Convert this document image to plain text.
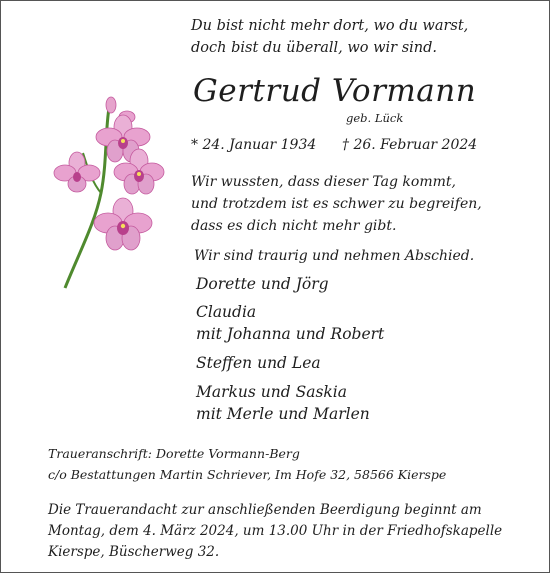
Du bist nicht mehr dort, wo du warst,
doch bist du überall, wo wir sind.
Gertrud Vormann
geb. Lück
* 24. Januar 1934 † 26. Februar 2024
Wir wussten, dass dieser Tag kommt,
und trotzdem ist es schwer zu begreifen,
dass es dich nicht mehr gibt.
Wir sind traurig und nehmen Abschied.
Dorette und Jörg
Claudia
mit Johanna und Robert
Steffen und Lea
Markus und Saskia
mit Merle und Marlen
Traueranschrift: Dorette Vormann-Berg
c/o Bestattungen Martin Schriever, Im Hofe 32, 58566 Kierspe
Die Trauerandacht zur anschließenden Beerdigung beginnt am
Montag, dem 4. März 2024, um 13.00 Uhr in der Friedhofskapelle
Kierspe, Büscherweg 32.
